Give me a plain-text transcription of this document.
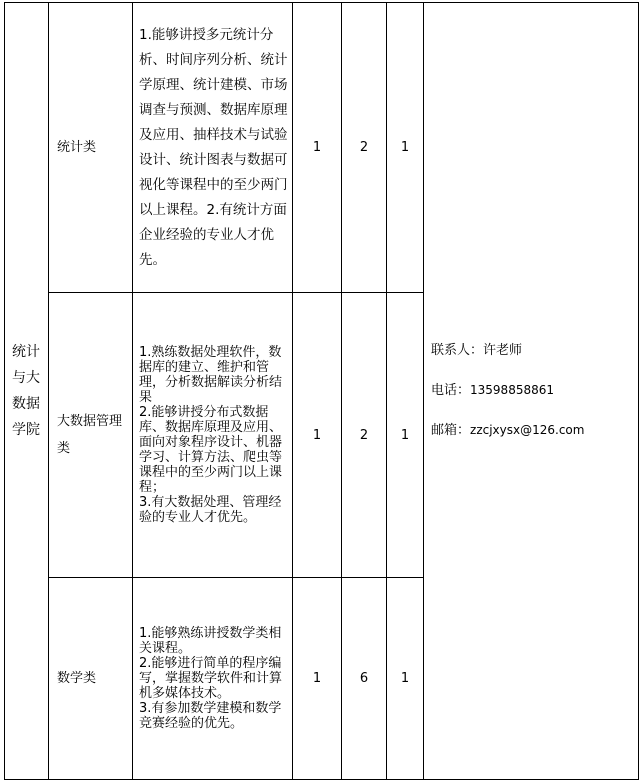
统计与大数据学院	统计类	1.能够讲授多元统计分析、时间序列分析、统计学原理、统计建模、市场调查与预测、数据库原理及应用、抽样技术与试验设计、统计图表与数据可视化等课程中的至少两门以上课程。2.有统计方面企业经验的专业人才优先。	1	2	1	联系人：许老师
电话：13598858861
邮箱：zzcjxysx@126.com

	大数据管理类	1.熟练数据处理软件，数据库的建立、维护和管理，分析数据解读分析结果
2.能够讲授分布式数据库、数据库原理及应用、面向对象程序设计、机器学习、计算方法、爬虫等课程中的至少两门以上课程；
3.有大数据处理、管理经验的专业人才优先。	1	2	1	

	数学类	1.能够熟练讲授数学类相关课程。
2.能够进行简单的程序编写，掌握数学软件和计算机多媒体技术。
3.有参加数学建模和数学竞赛经验的优先。	1	6	1	
